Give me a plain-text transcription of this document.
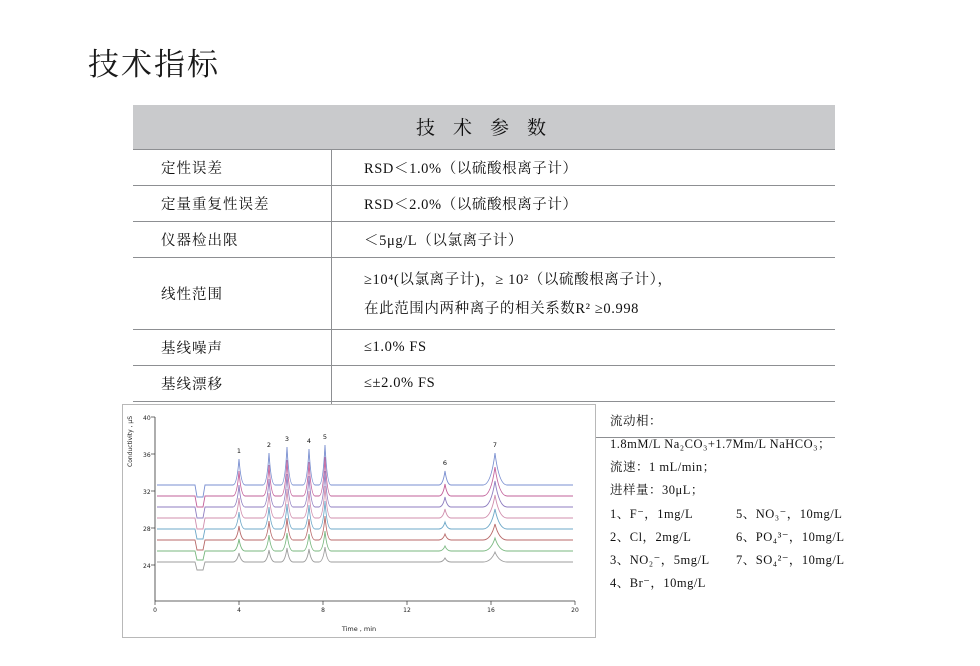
技术指标
技 术 参 数	
定性误差	RSD＜1.0%（以硫酸根离子计）
定量重复性误差	RSD＜2.0%（以硫酸根离子计）
仪器检出限	＜5μg/L（以氯离子计）
线性范围	≥10⁴(以氯离子计)，≥ 10²（以硫酸根离子计），
在此范围内两种离子的相关系数R² ≥0.998

基线噪声	≤1.0% FS
基线漂移	≤±2.0% FS

Conductivity , μS
Time , min
40
36
32
28
24
0	4	8	12	16	20
1
2
3	4 5
6
7
流动相：
1.8mM/L Na₂CO₃+1.7Mm/L NaHCO₃；
流速：1 mL/min；
进样量：30μL；
1、F⁻，1mg/L	5、NO₃⁻，10mg/L
2、Cl，2mg/L	6、PO₄³⁻，10mg/L
3、NO₂⁻，5mg/L	7、SO₄²⁻，10mg/L
4、Br⁻，10mg/L
